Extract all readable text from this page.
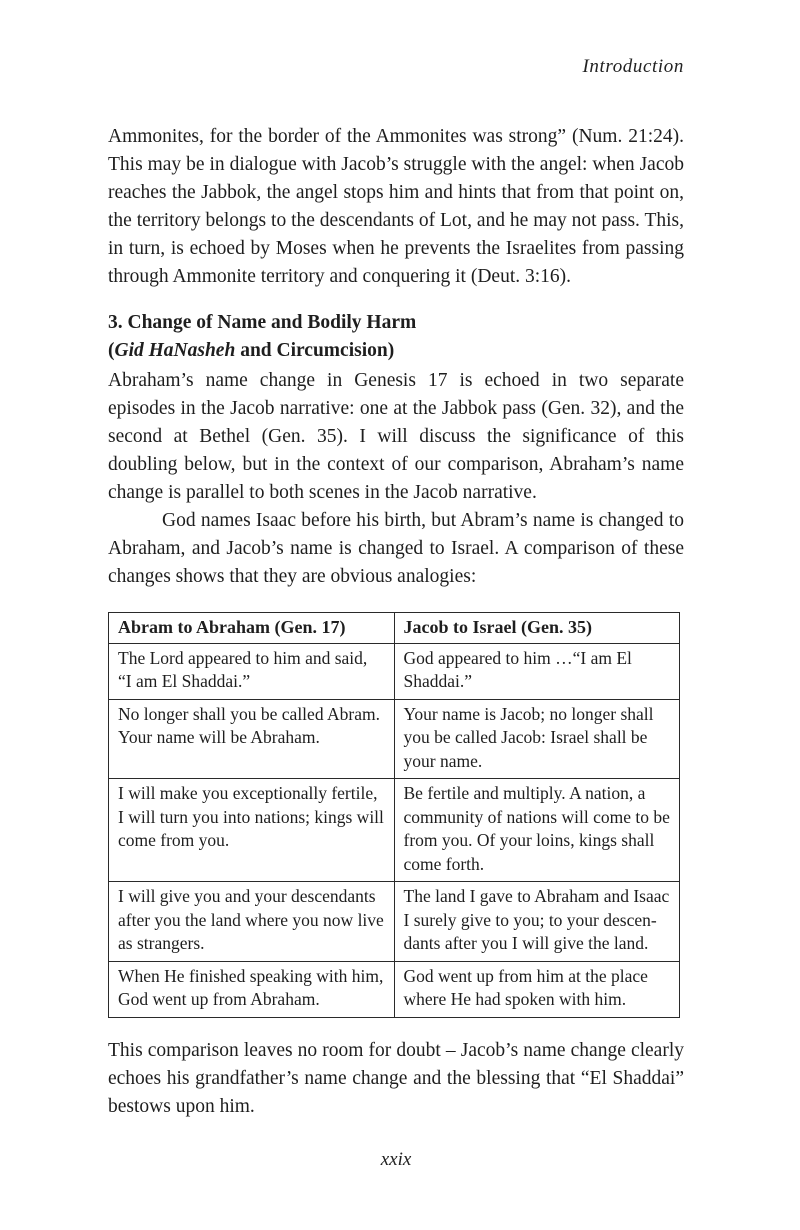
Introduction

Ammonites, for the border of the Ammonites was strong” (Num. 21:24). This may be in dialogue with Jacob’s struggle with the angel: when Jacob reaches the Jabbok, the angel stops him and hints that from that point on, the territory belongs to the descendants of Lot, and he may not pass. This, in turn, is echoed by Moses when he prevents the Israelites from passing through Ammonite territory and conquering it (Deut. 3:16).

3. Change of Name and Bodily Harm
(Gid HaNasheh and Circumcision)

Abraham’s name change in Genesis 17 is echoed in two separate episodes in the Jacob narrative: one at the Jabbok pass (Gen. 32), and the second at Bethel (Gen. 35). I will discuss the significance of this doubling below, but in the context of our comparison, Abraham’s name change is parallel to both scenes in the Jacob narrative.

God names Isaac before his birth, but Abram’s name is changed to Abraham, and Jacob’s name is changed to Israel. A comparison of these changes shows that they are obvious analogies:

Abram to Abraham (Gen. 17)	Jacob to Israel (Gen. 35)
The Lord appeared to him and said, “I am El Shaddai.”	God appeared to him …“I am El Shaddai.”
No longer shall you be called Abram. Your name will be Abraham.	Your name is Jacob; no longer shall you be called Jacob: Israel shall be your name.
I will make you exceptionally fertile, I will turn you into nations; kings will come from you.	Be fertile and multiply. A nation, a community of nations will come to be from you. Of your loins, kings shall come forth.
I will give you and your descendants after you the land where you now live as strangers.	The land I gave to Abraham and Isaac I surely give to you; to your descendants after you I will give the land.
When He finished speaking with him, God went up from Abraham.	God went up from him at the place where He had spoken with him.

This comparison leaves no room for doubt – Jacob’s name change clearly echoes his grandfather’s name change and the blessing that “El Shaddai” bestows upon him.

xxix
